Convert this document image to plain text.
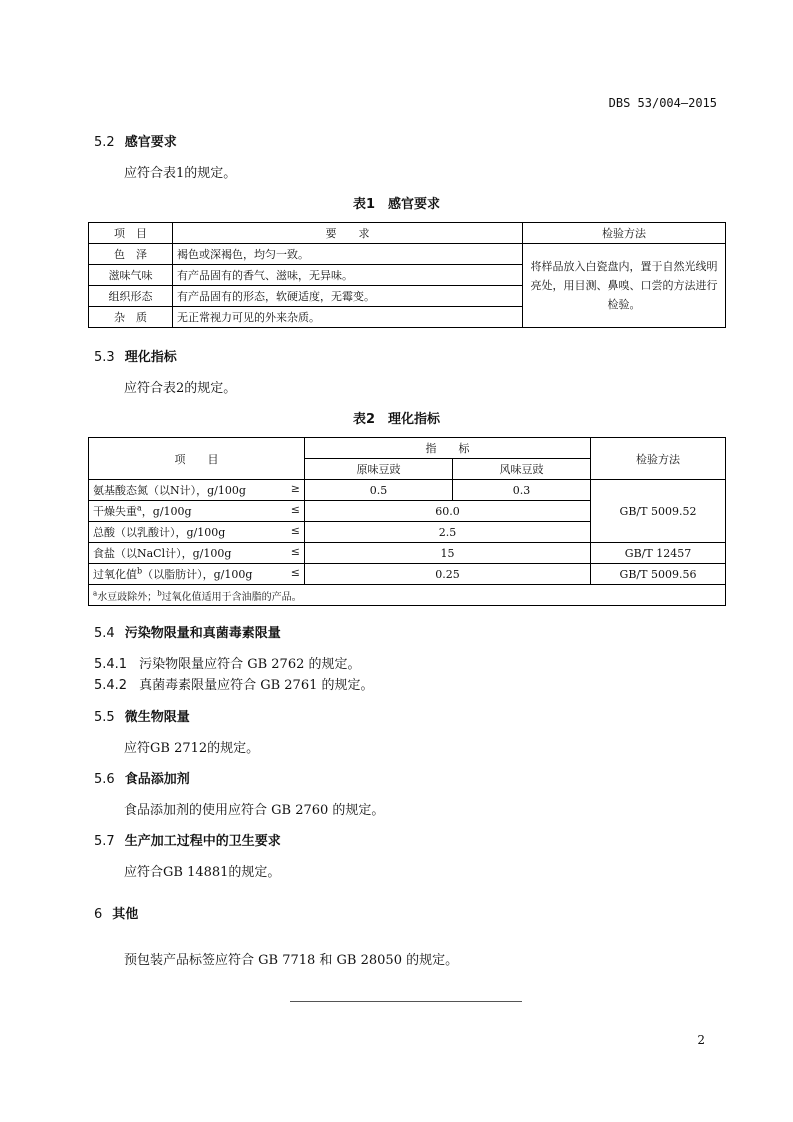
DBS 53/004—2015
5.2 感官要求
应符合表1的规定。
表1　感官要求
项　目	要　　求	检验方法
色　泽	褐色或深褐色，均匀一致。	将样品放入白瓷盘内，置于自然光线明亮处，用目测、鼻嗅、口尝的方法进行检验。
滋味气味	有产品固有的香气、滋味，无异味。	
组织形态	有产品固有的形态，软硬适度，无霉变。	
杂　质	无正常视力可见的外来杂质。	
5.3 理化指标
应符合表2的规定。
表2　理化指标
项　　目	指　　标		检验方法
	原味豆豉	风味豆豉	

氨基酸态氮（以N计），g/100g ≥	0.5	0.3	GB/T 5009.52

干燥失重$^a$，g/100g ≤	60.0		

总酸（以乳酸计），g/100g ≤	2.5		

食盐（以NaCl计），g/100g ≤	15		GB/T 12457

过氧化值$^b$（以脂肪计），g/100g ≤	0.25		GB/T 5009.56
$^a$水豆豉除外；$^b$过氧化值适用于含油脂的产品。			
5.4 污染物限量和真菌毒素限量
5.4.1 污染物限量应符合 GB 2762 的规定。
5.4.2 真菌毒素限量应符合 GB 2761 的规定。
5.5 微生物限量
应符GB 2712的规定。
5.6 食品添加剂
食品添加剂的使用应符合 GB 2760 的规定。
5.7 生产加工过程中的卫生要求
应符合GB 14881的规定。
6 其他
预包装产品标签应符合 GB 7718 和 GB 28050 的规定。
2
